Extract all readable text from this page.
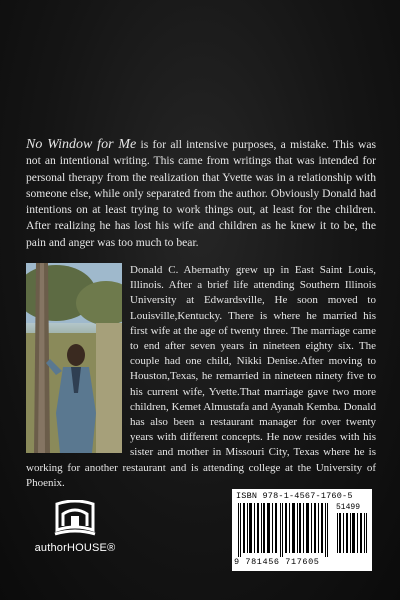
No Window for Me is for all intensive purposes, a mistake. This was not an intentional writing. This came from writings that was intended for personal therapy from the realization that Yvette was in a relationship with someone else, while only separated from the author. Obviously Donald had intentions on at least trying to work things out, at least for the children. After realizing he has lost his wife and children as he knew it to be, the pain and anger was too much to bear.

Donald C. Abernathy grew up in East Saint Louis, Illinois. After a brief life attending Southern Illinois University at Edwardsville, He soon moved to Louisville,Kentucky. There is where he married his first wife at the age of twenty three. The marriage came to end after seven years in nineteen eighty six. The couple had one child, Nikki Denise.After moving to Houston,Texas, he remarried in nineteen ninety five to his current wife, Yvette.That marriage gave two more children, Kemet Almustafa and Ayanah Kemba. Donald has also been a restaurant manager for over twenty years with different concepts. He now resides with his sister and mother in Missouri City, Texas where he is working for another restaurant and is attending college at the University of Phoenix.
authorHOUSE®
ISBN 978-1-4567-1760-5
51499
9 781456 717605
